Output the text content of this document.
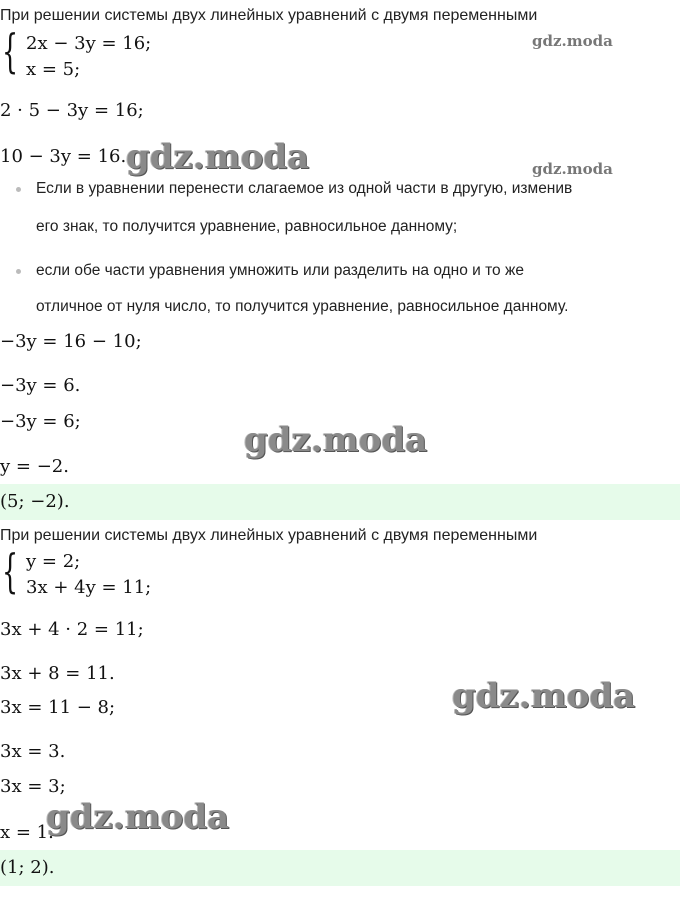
При решении системы двух линейных уравнений с двумя переменными
{ 2x − 3y = 16;
x = 5;
2 · 5 − 3y = 16;
10 − 3y = 16.
Если в уравнении перенести слагаемое из одной части в другую, изменив
его знак, то получится уравнение, равносильное данному;
если обе части уравнения умножить или разделить на одно и то же
отличное от нуля число, то получится уравнение, равносильное данному.
−3y = 16 − 10;
−3y = 6.
−3y = 6;
y = −2.
(5; −2).
При решении системы двух линейных уравнений с двумя переменными
{ y = 2;
3x + 4y = 11;
3x + 4 · 2 = 11;
3x + 8 = 11.
3x = 11 − 8;
3x = 3.
3x = 3;
x = 1.
(1; 2).
gdz.moda
gdz.moda	gdz.moda
gdz.moda
gdz.moda
gdz.moda
